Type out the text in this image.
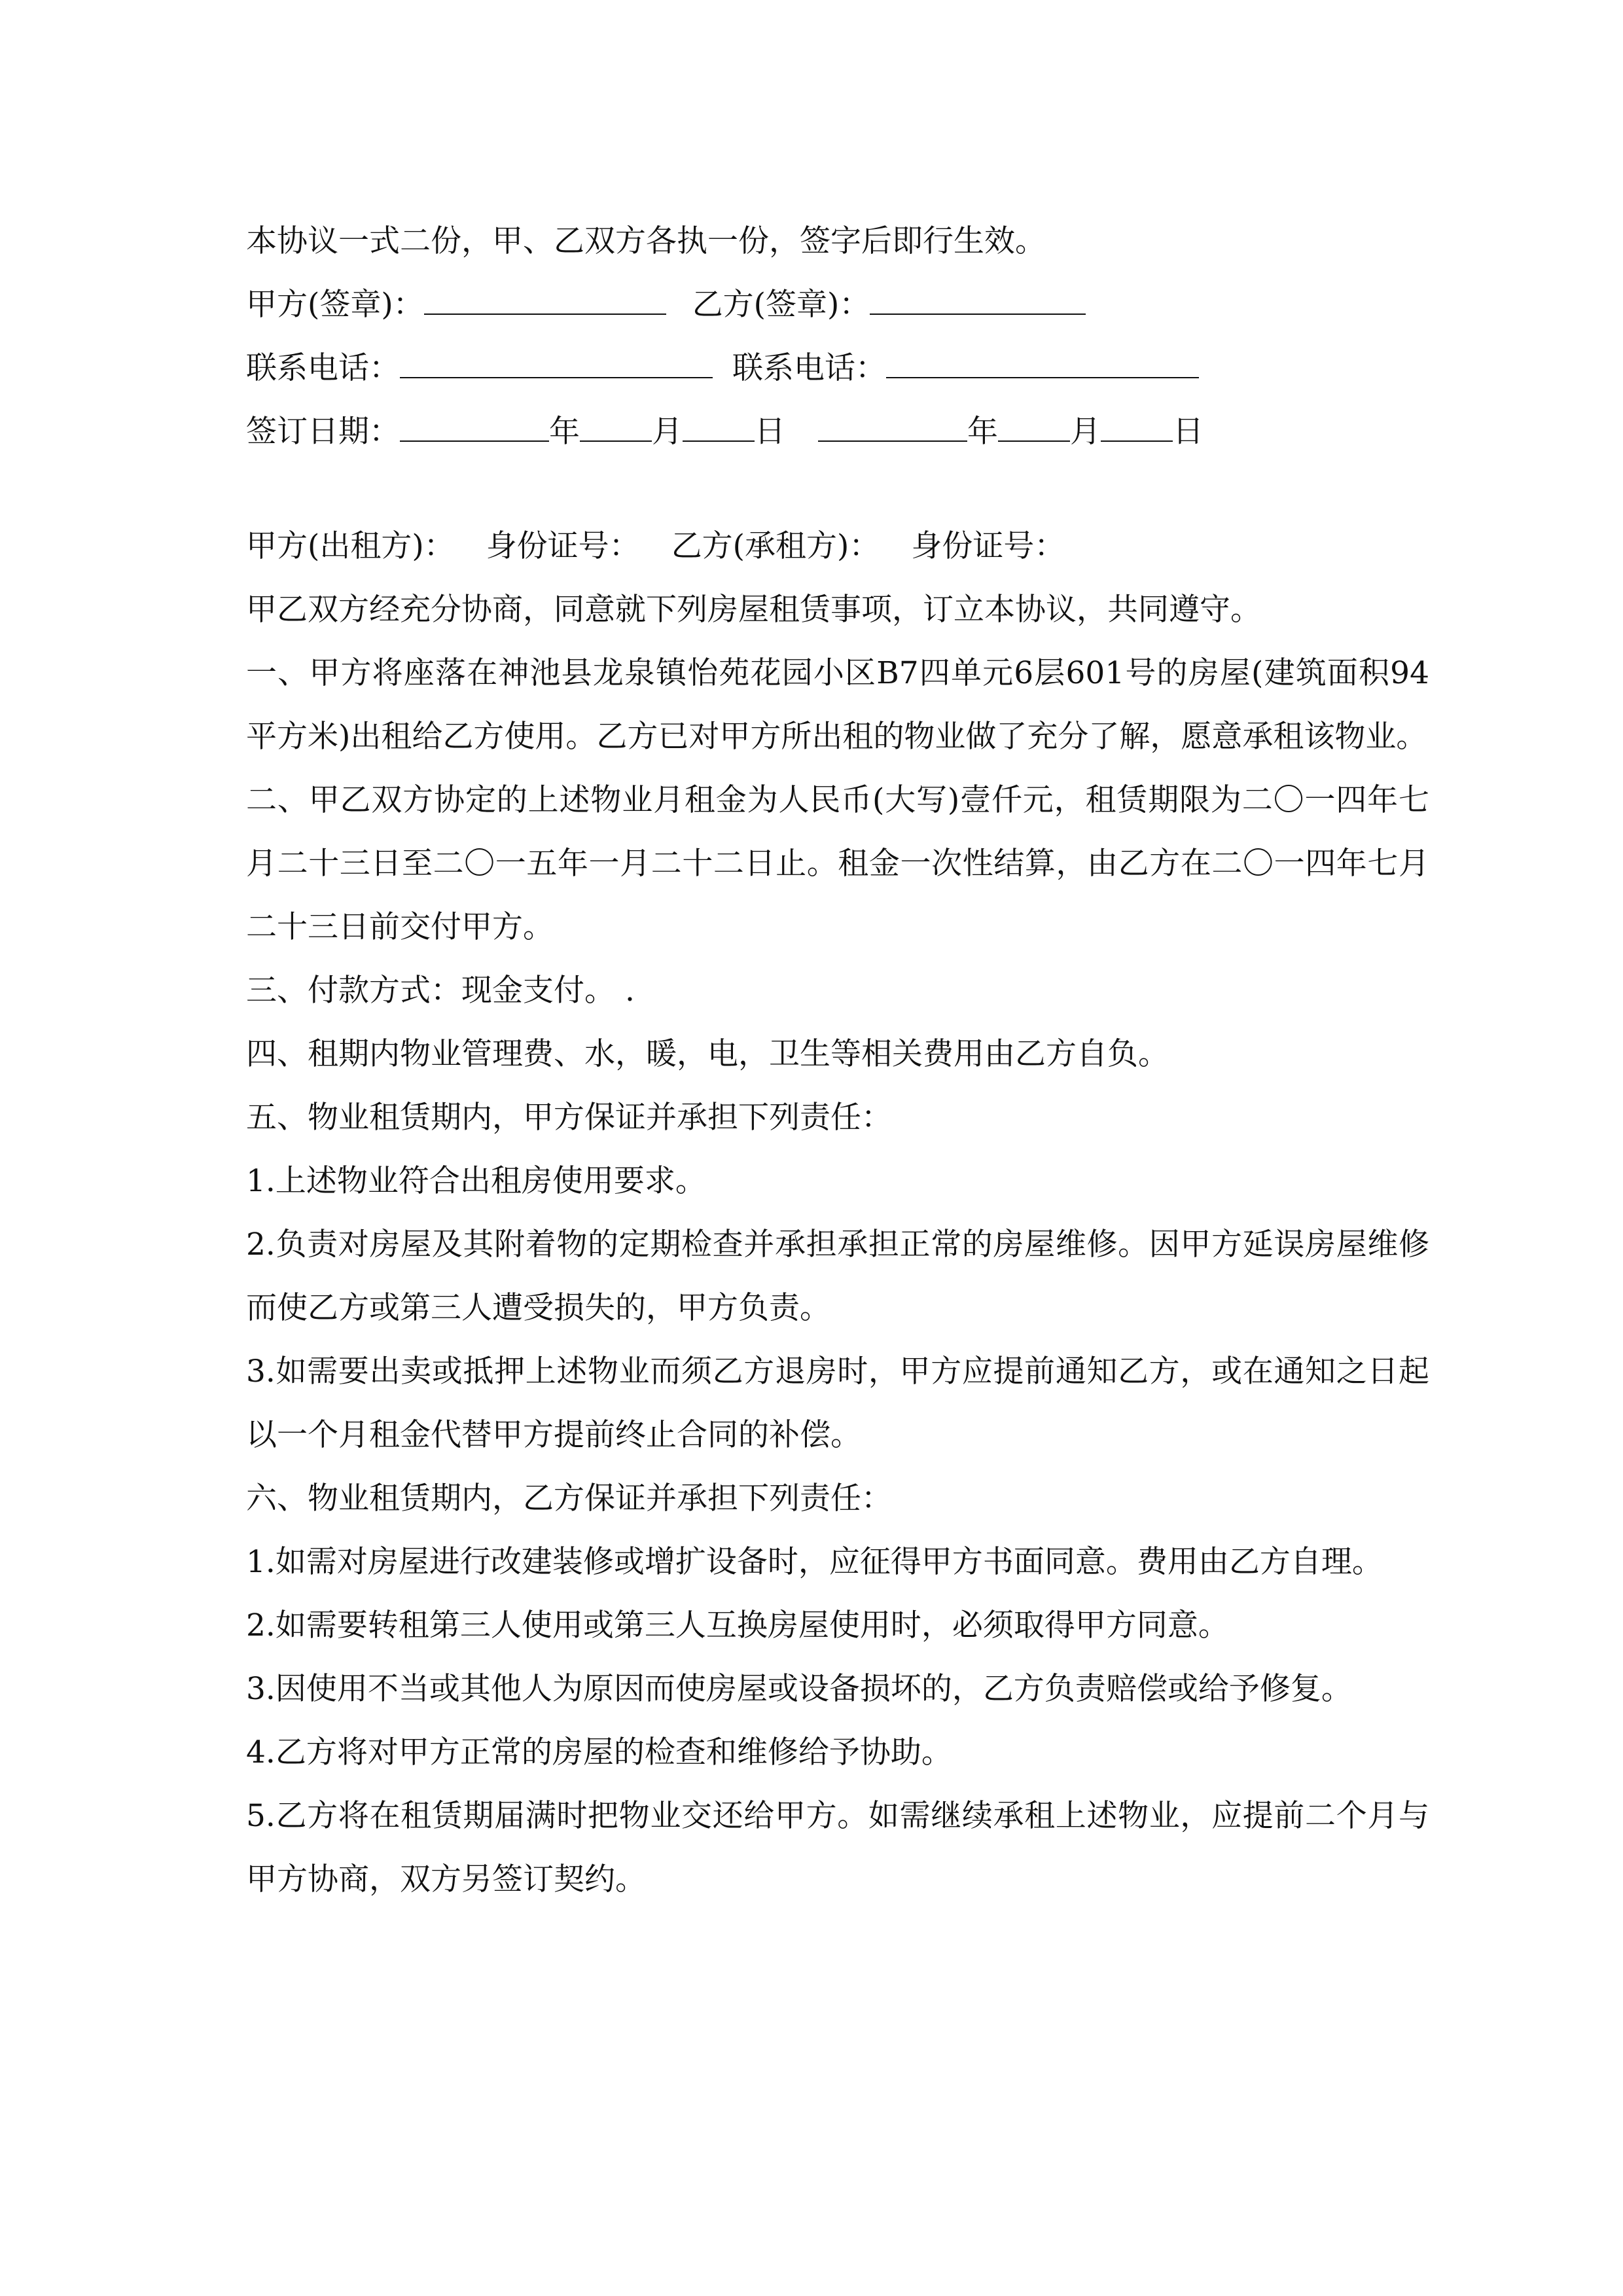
本协议一式二份，甲、乙双方各执一份，签字后即行生效。

甲方(签章)：	乙方(签章)：

联系电话：	联系电话：

签订日期：	年 月 日	年 月 日

甲方(出租方)： 身份证号： 乙方(承租方)： 身份证号：

甲乙双方经充分协商，同意就下列房屋租赁事项，订立本协议，共同遵守。

一、甲方将座落在神池县龙泉镇怡苑花园小区B7四单元6层601号的房屋(建筑面积94平方米)出租给乙方使用。乙方已对甲方所出租的物业做了充分了解，愿意承租该物业。

二、甲乙双方协定的上述物业月租金为人民币(大写)壹仟元，租赁期限为二〇一四年七月二十三日至二〇一五年一月二十二日止。租金一次性结算，由乙方在二〇一四年七月二十三日前交付甲方。

三、付款方式：现金支付。 .

四、租期内物业管理费、水，暖，电，卫生等相关费用由乙方自负。

五、物业租赁期内，甲方保证并承担下列责任：

1.上述物业符合出租房使用要求。

2.负责对房屋及其附着物的定期检查并承担承担正常的房屋维修。因甲方延误房屋维修而使乙方或第三人遭受损失的，甲方负责。

3.如需要出卖或抵押上述物业而须乙方退房时，甲方应提前通知乙方，或在通知之日起以一个月租金代替甲方提前终止合同的补偿。

六、物业租赁期内，乙方保证并承担下列责任：

1.如需对房屋进行改建装修或增扩设备时，应征得甲方书面同意。费用由乙方自理。

2.如需要转租第三人使用或第三人互换房屋使用时，必须取得甲方同意。

3.因使用不当或其他人为原因而使房屋或设备损坏的，乙方负责赔偿或给予修复。

4.乙方将对甲方正常的房屋的检查和维修给予协助。

5.乙方将在租赁期届满时把物业交还给甲方。如需继续承租上述物业，应提前二个月与甲方协商，双方另签订契约。
